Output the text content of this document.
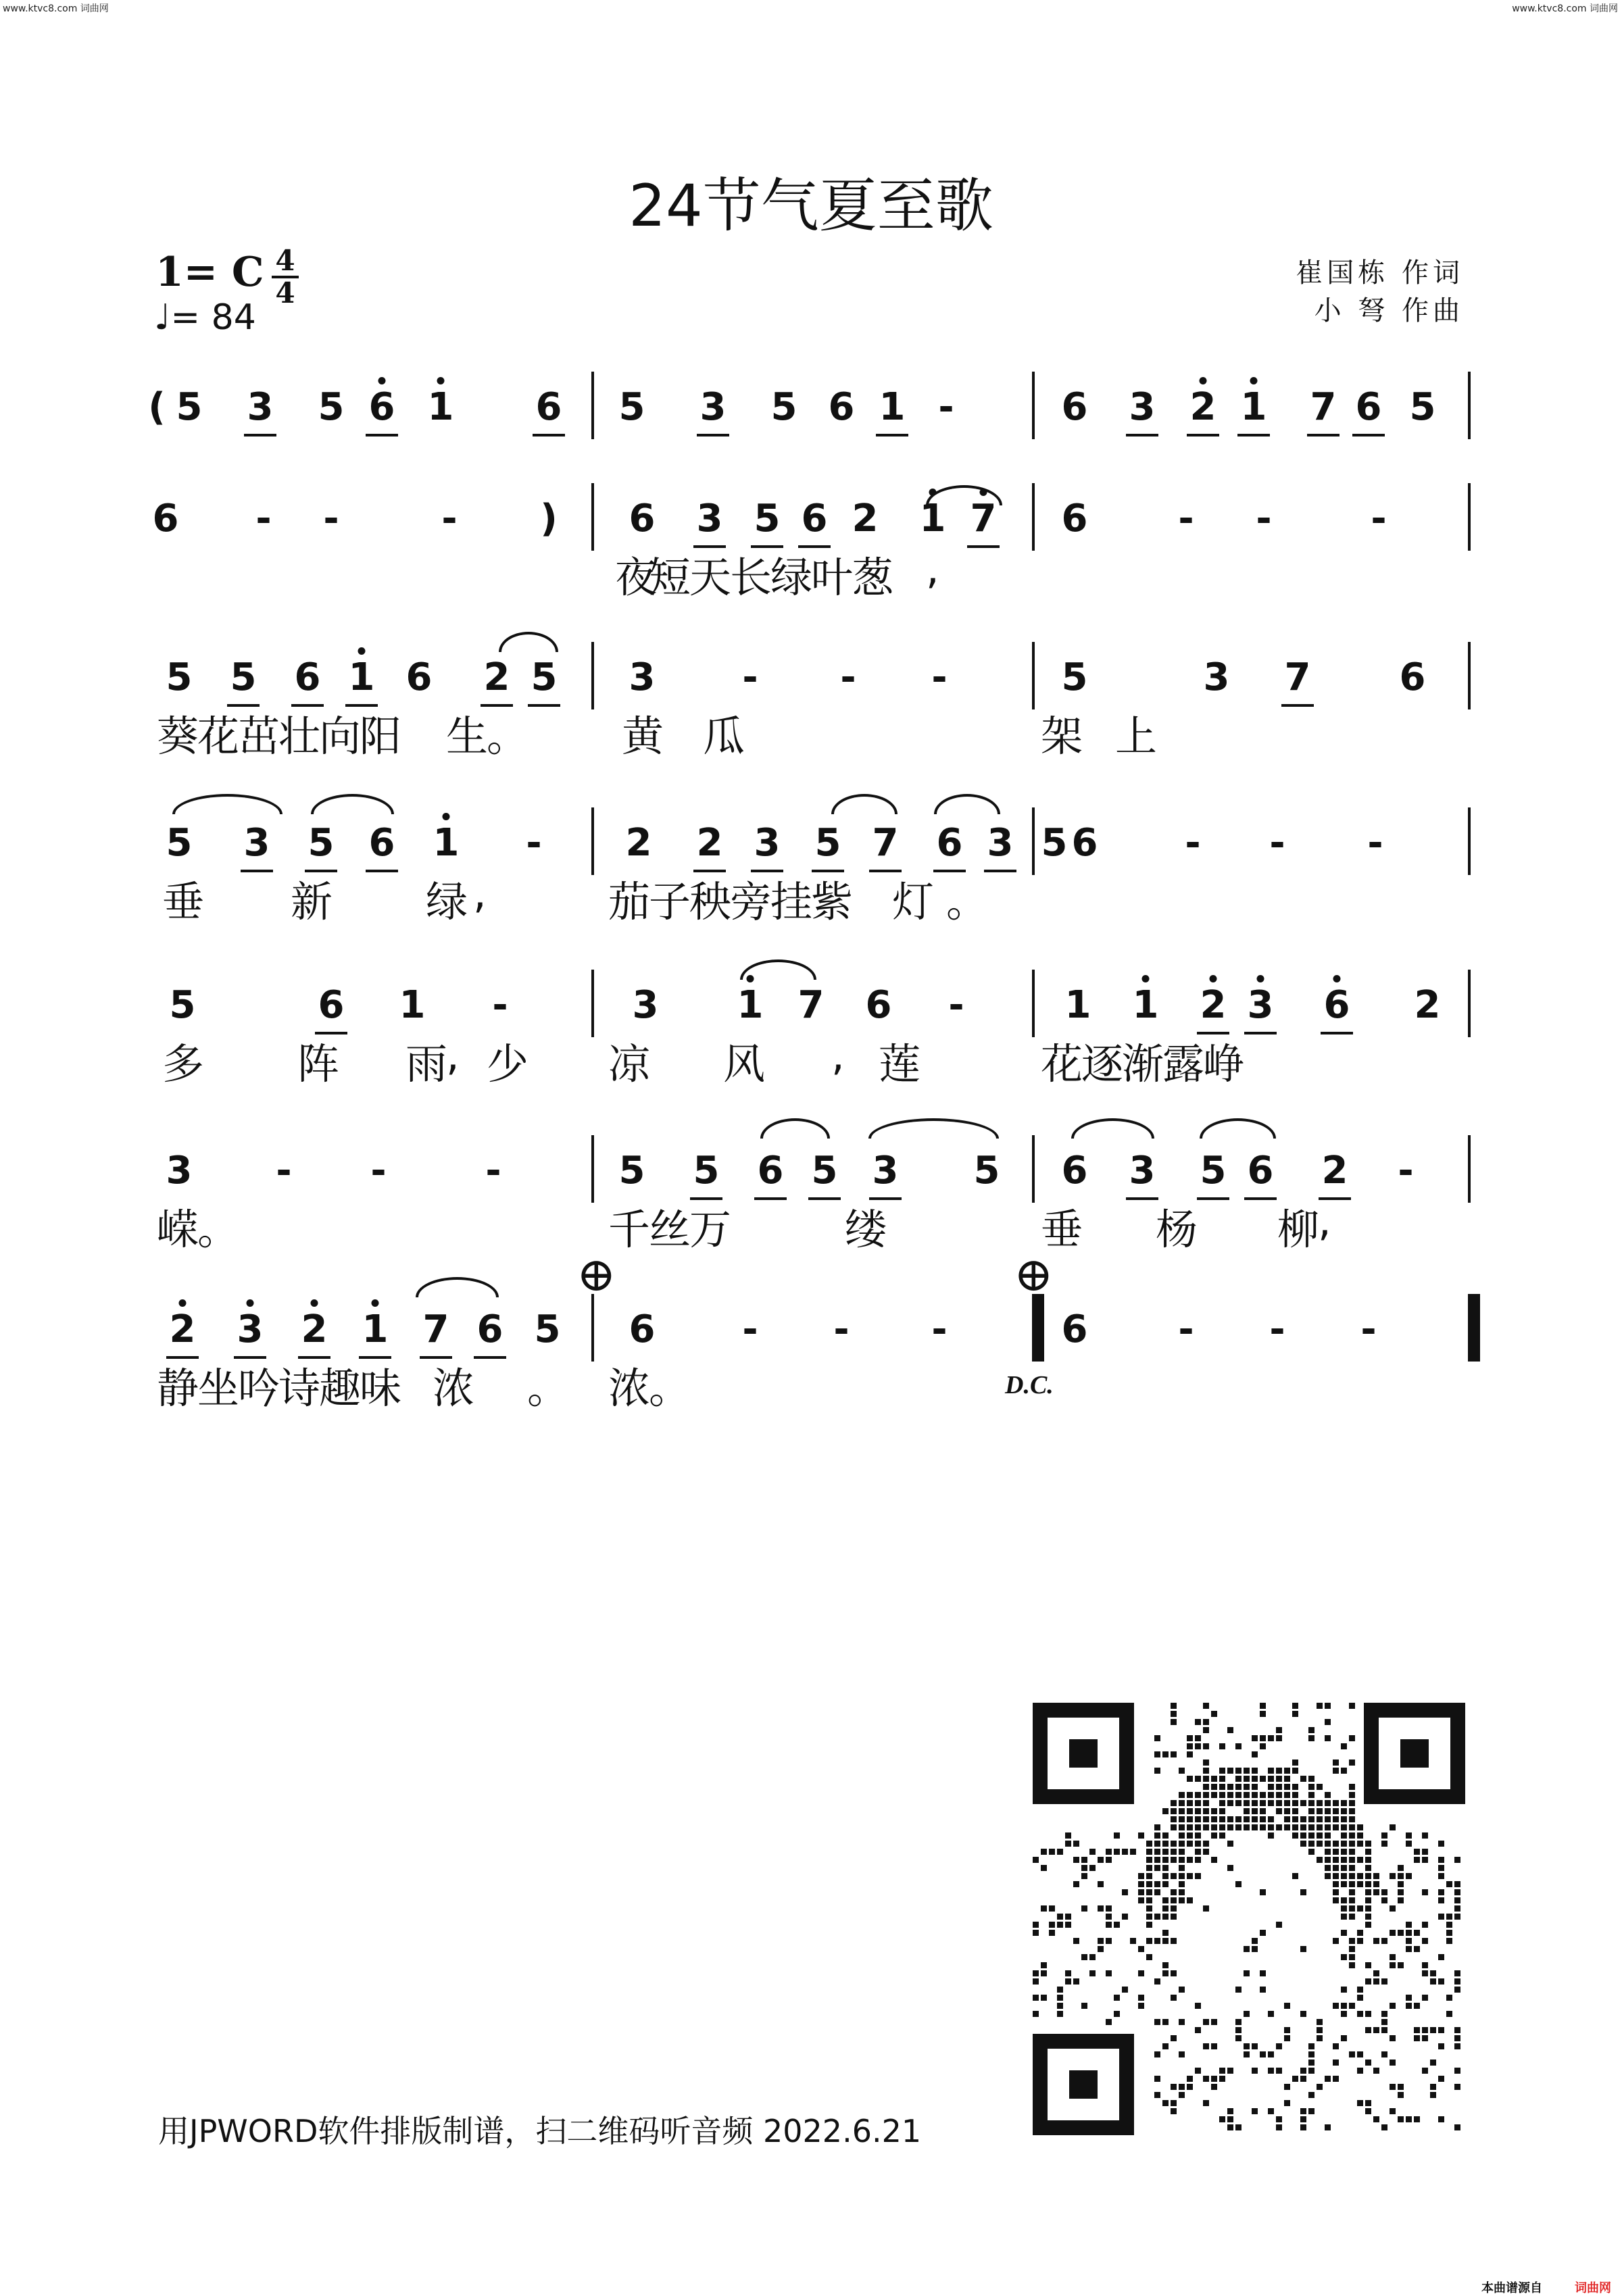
www.ktvc8.com 词曲网	www.ktvc8.com 词曲网
24节气夏至歌
1= C 4
4
♩= 84
崔国栋 作词
小 弩 作曲
( 5 3 5 6 1 6 5 3 5 6 1 -	6 3 2 1 7 6 5
6 - -	- ) 6 3 5 6 2 1 7 6 - -	-
夜
短
天
长
绿
叶
葱 ,
5 5 6 1 6 2 5 3 - - -	5	3 7 6
葵
花
茁
壮
向
阳 生
。 黄 瓜	架 上
5 3 5 6 1 - 2 2 3 5 7 6 3 5 6 - - -
垂 新 绿 ,	茄
子
秧
旁
挂
紫 灯 。
5	6 1 -	3 1 7 6 -	1 1 2 3 6 2
多 阵 雨
, 少 凉 风 , 莲	花
逐
渐
露
峥
3 - -	-	5 5 6 5 3 5 6 3 5 6 2 -
嵘
。	千
丝
万	缕	垂 杨 柳
,
2 3 2 1 7 6 5 6 - - -	6 - - -
静
坐
吟
诗
趣
味 浓 。 浓
。
用JPWORD软件排版制谱，扫二维码听音频 2022.6.21
本曲谱源自	词曲网
⊕	⊕
D.C.
